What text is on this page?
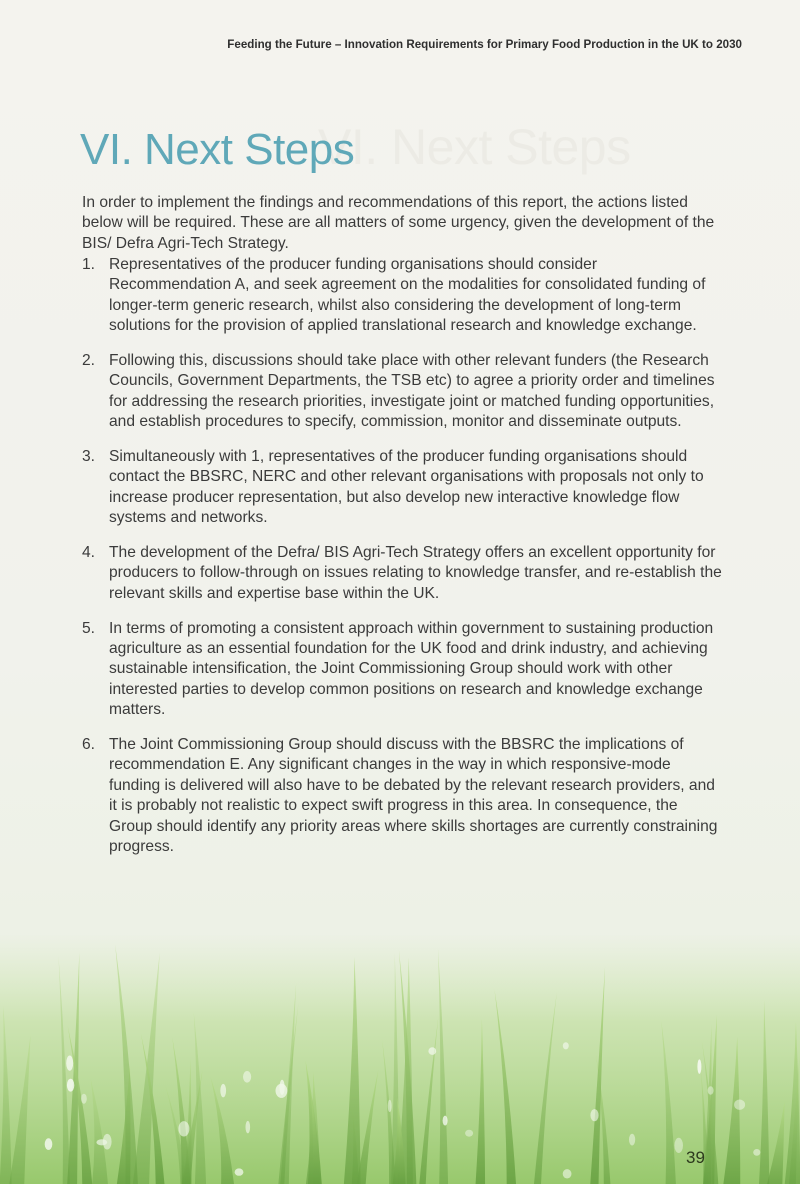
Feeding the Future – Innovation Requirements for Primary Food Production in the UK to 2030
VI. Next Steps
VI. Next Steps

In order to implement the findings and recommendations of this report, the actions listed below will be required. These are all matters of some urgency, given the development of the BIS/ Defra Agri-Tech Strategy.

1. Representatives of the producer funding organisations should consider Recommendation A, and seek agreement on the modalities for consolidated funding of longer-term generic research, whilst also considering the development of long-term solutions for the provision of applied translational research and knowledge exchange.
2. Following this, discussions should take place with other relevant funders (the Research Councils, Government Departments, the TSB etc) to agree a priority order and timelines for addressing the research priorities, investigate joint or matched funding opportunities, and establish procedures to specify, commission, monitor and disseminate outputs.
3. Simultaneously with 1, representatives of the producer funding organisations should contact the BBSRC, NERC and other relevant organisations with proposals not only to increase producer representation, but also develop new interactive knowledge flow systems and networks.
4. The development of the Defra/ BIS Agri-Tech Strategy offers an excellent opportunity for producers to follow-through on issues relating to knowledge transfer, and re-establish the relevant skills and expertise base within the UK.
5. In terms of promoting a consistent approach within government to sustaining production agriculture as an essential foundation for the UK food and drink industry, and achieving sustainable intensification, the Joint Commissioning Group should work with other interested parties to develop common positions on research and knowledge exchange matters.
6. The Joint Commissioning Group should discuss with the BBSRC the implications of recommendation E. Any significant changes in the way in which responsive-mode funding is delivered will also have to be debated by the relevant research providers, and it is probably not realistic to expect swift progress in this area. In consequence, the Group should identify any priority areas where skills shortages are currently constraining progress.
39
